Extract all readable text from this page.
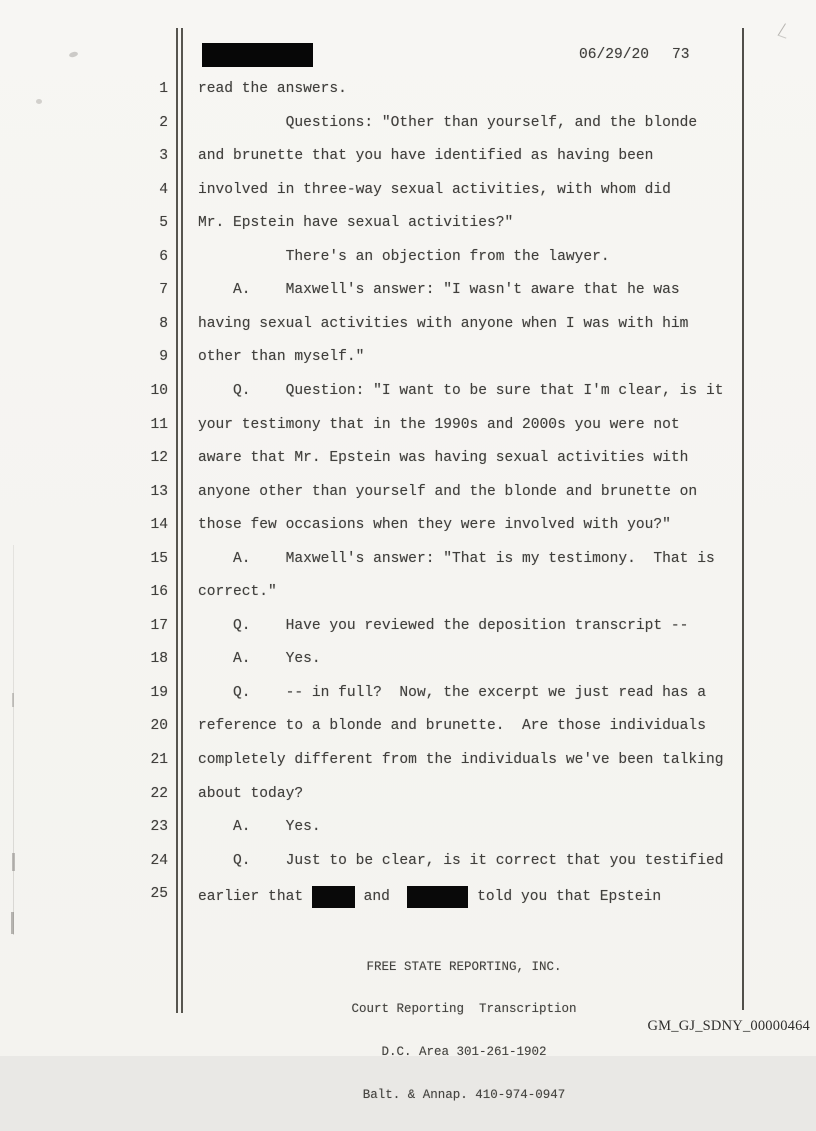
06/29/20 73
1 read the answers.
2 Questions: "Other than yourself, and the blonde
3 and brunette that you have identified as having been
4 involved in three-way sexual activities, with whom did
5 Mr. Epstein have sexual activities?"
6 There's an objection from the lawyer.
7 A.    Maxwell's answer: "I wasn't aware that he was
8 having sexual activities with anyone when I was with him
9 other than myself."
10 Q.    Question: "I want to be sure that I'm clear, is it
11 your testimony that in the 1990s and 2000s you were not
12 aware that Mr. Epstein was having sexual activities with
13 anyone other than yourself and the blonde and brunette on
14 those few occasions when they were involved with you?"
15 A.    Maxwell's answer: "That is my testimony.  That is
16 correct."
17 Q.    Have you reviewed the deposition transcript --
18 A.    Yes.
19 Q.    -- in full?  Now, the excerpt we just read has a
20 reference to a blonde and brunette.  Are those individuals
21 completely different from the individuals we've been talking
22 about today?
23 A.    Yes.
24 Q.    Just to be clear, is it correct that you testified
25 earlier that	and	told you that Epstein

FREE STATE REPORTING, INC.

Court Reporting  Transcription

D.C. Area 301-261-1902

Balt. & Annap. 410-974-0947

GM_GJ_SDNY_00000464
